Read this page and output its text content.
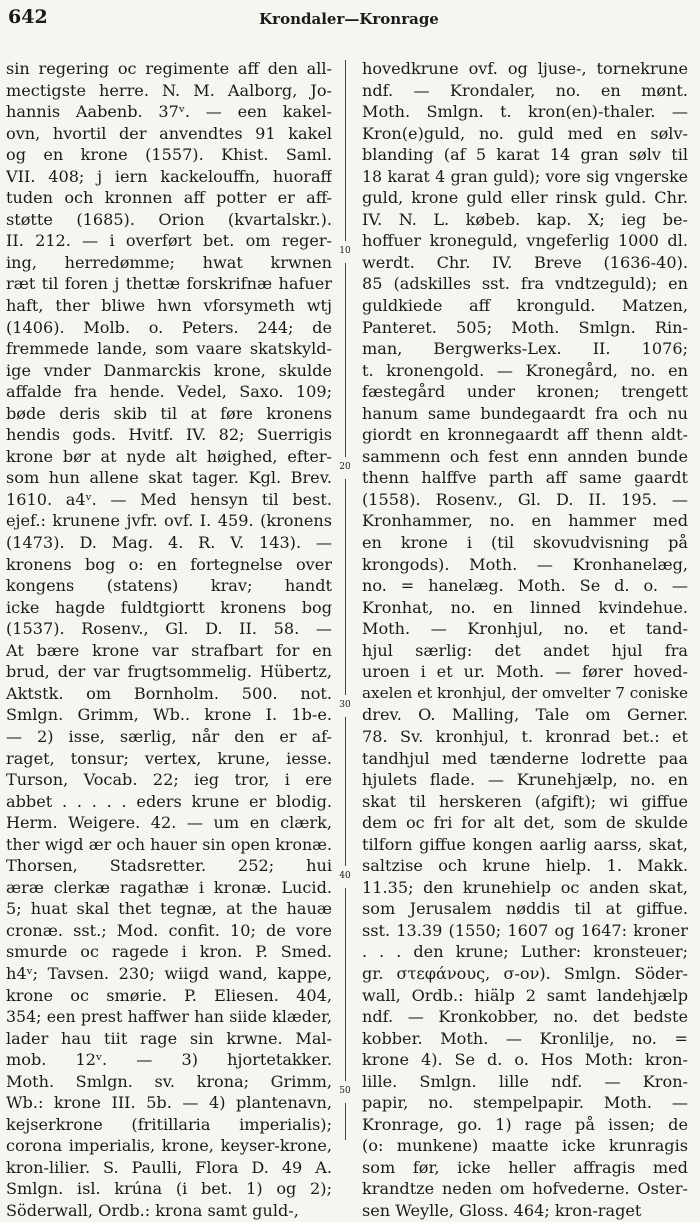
642	Krondaler—Kronrage
sin regering oc regimente aff den all-
mectigste herre. N. M. Aalborg, Jo-
hannis Aabenb. 37ᵛ. — een kakel-
ovn, hvortil der anvendtes 91 kakel
og en krone (1557). Khist. Saml.
VII. 408; j iern kackelouffn, huoraff
tuden och kronnen aff potter er aff-
støtte (1685). Orion (kvartalskr.).
II. 212. — i overført bet. om reger-
ing, herredømme; hwat krwnen
ræt til foren j thettæ forskrifnæ hafuer
haft, ther bliwe hwn vforsymeth wtj
(1406). Molb. o. Peters. 244; de
fremmede lande, som vaare skatskyld-
ige vnder Danmarckis krone, skulde
affalde fra hende. Vedel, Saxo. 109;
bøde deris skib til at føre kronens
hendis gods. Hvitf. IV. 82; Suerrigis
krone bør at nyde alt høighed, efter-
som hun allene skat tager. Kgl. Brev.
1610. a4ᵛ. — Med hensyn til best.
ejef.: krunene jvfr. ovf. I. 459. (kronens
(1473). D. Mag. 4. R. V. 143). —
kronens bog o: en fortegnelse over
kongens (statens) krav; handt
icke hagde fuldtgiortt kronens bog
(1537). Rosenv., Gl. D. II. 58. —
At bære krone var strafbart for en
brud, der var frugtsommelig. Hübertz,
Aktstk. om Bornholm. 500. not.
Smlgn. Grimm, Wb.. krone I. 1b-e.
— 2) isse, særlig, når den er af-
raget, tonsur; vertex, krune, iesse.
Turson, Vocab. 22; ieg tror, i ere
abbet . . . . . eders krune er blodig.
Herm. Weigere. 42. — um en clærk,
ther wigd ær och hauer sin open kronæ.
Thorsen, Stadsretter. 252; hui
æræ clerkæ ragathæ i kronæ. Lucid.
5; huat skal thet tegnæ, at the hauæ
cronæ. sst.; Mod. confit. 10; de vore
smurde oc ragede i kron. P. Smed.
h4ᵛ; Tavsen. 230; wiigd wand, kappe,
krone oc smørie. P. Eliesen. 404,
354; een prest haffwer han siide klæder,
lader hau tiit rage sin krwne. Mal-
mob. 12ᵛ. — 3) hjortetakker.
Moth. Smlgn. sv. krona; Grimm,
Wb.: krone III. 5b. — 4) plantenavn,
kejserkrone (fritillaria imperialis);
corona imperialis, krone, keyser-krone,
kron-lilier. S. Paulli, Flora D. 49 A.
Smlgn. isl. krúna (i bet. 1) og 2);
Söderwall, Ordb.: krona samt guld-,
10
20
30
40
50
hovedkrune ovf. og ljuse-, tornekrune
ndf. — Krondaler, no. en mønt.
Moth. Smlgn. t. kron(en)-thaler. —
Kron(e)guld, no. guld med en sølv-
blanding (af 5 karat 14 gran sølv til
18 karat 4 gran guld); vore sig vngerske
guld, krone guld eller rinsk guld. Chr.
IV. N. L. købeb. kap. X; ieg be-
hoffuer kroneguld, vngeferlig 1000 dl.
werdt. Chr. IV. Breve (1636-40).
85 (adskilles sst. fra vndtzeguld); en
guldkiede aff kronguld. Matzen,
Panteret. 505; Moth. Smlgn. Rin-
man, Bergwerks-Lex. II. 1076;
t. kronengold. — Kronegård, no. en
fæstegård under kronen; trengett
hanum same bundegaardt fra och nu
giordt en kronnegaardt aff thenn aldt-
sammenn och fest enn annden bunde
thenn halffve parth aff same gaardt
(1558). Rosenv., Gl. D. II. 195. —
Kronhammer, no. en hammer med
en krone i (til skovudvisning på
krongods). Moth. — Kronhanelæg,
no. = hanelæg. Moth. Se d. o. —
Kronhat, no. en linned kvindehue.
Moth. — Kronhjul, no. et tand-
hjul særlig: det andet hjul fra
uroen i et ur. Moth. — fører hoved-
axelen et kronhjul, der omvelter 7 coniske
drev. O. Malling, Tale om Gerner.
78. Sv. kronhjul, t. kronrad bet.: et
tandhjul med tænderne lodrette paa
hjulets flade. — Krunehjælp, no. en
skat til herskeren (afgift); wi giffue
dem oc fri for alt det, som de skulde
tilforn giffue kongen aarlig aarss, skat,
saltzise och krune hielp. 1. Makk.
11.35; den krunehielp oc anden skat,
som Jerusalem nøddis til at giffue.
sst. 13.39 (1550; 1607 og 1647: kroner
. . . den krune; Luther: kronsteuer;
gr. στεφάνους, σ-ον). Smlgn. Söder-
wall, Ordb.: hiälp 2 samt landehjælp
ndf. — Kronkobber, no. det bedste
kobber. Moth. — Kronlilje, no. =
krone 4). Se d. o. Hos Moth: kron-
lille. Smlgn. lille ndf. — Kron-
papir, no. stempelpapir. Moth. —
Kronrage, go. 1) rage på issen; de
(o: munkene) maatte icke krunragis
som før, icke heller affragis med
krandtze neden om hofvederne. Oster-
sen Weylle, Gloss. 464; kron-raget
